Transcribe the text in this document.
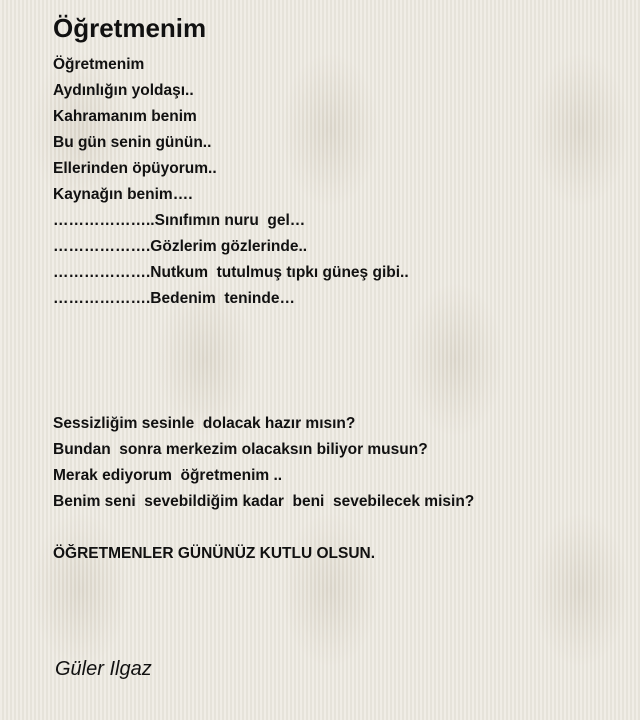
Öğretmenim
Öğretmenim
Aydınlığın yoldaşı..
Kahramanım benim
Bu gün senin günün..
Ellerinden öpüyorum..
Kaynağın benim….
………………..Sınıfımın nuru  gel…
……………….Gözlerim gözlerinde..
……………….Nutkum  tutulmuş tıpkı güneş gibi..
……………….Bedenim  teninde…
Sessizliğim sesinle  dolacak hazır mısın?
Bundan  sonra merkezim olacaksın biliyor musun?
Merak ediyorum  öğretmenim ..
Benim seni  sevebildiğim kadar  beni  sevebilecek misin?

ÖĞRETMENLER GÜNÜNÜZ KUTLU OLSUN.

Güler Ilgaz
